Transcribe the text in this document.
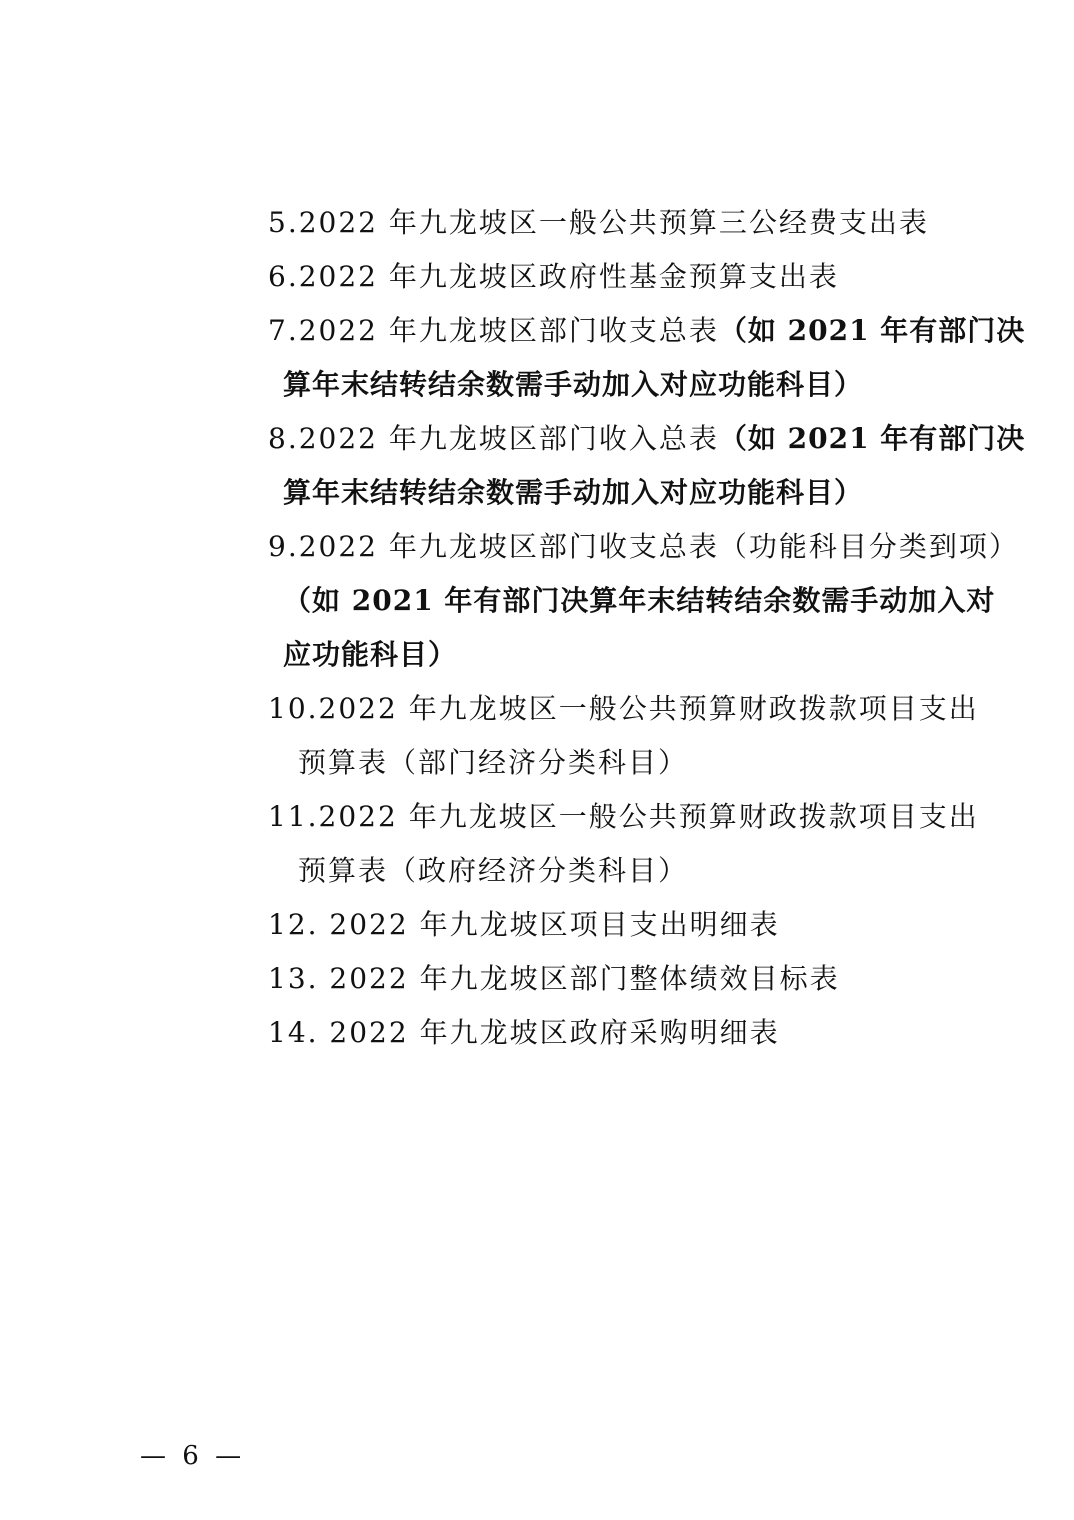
5.2022 年九龙坡区一般公共预算三公经费支出表
6.2022 年九龙坡区政府性基金预算支出表
7.2022 年九龙坡区部门收支总表（如 2021 年有部门决
算年末结转结余数需手动加入对应功能科目）
8.2022 年九龙坡区部门收入总表（如 2021 年有部门决
算年末结转结余数需手动加入对应功能科目）
9.2022 年九龙坡区部门收支总表（功能科目分类到项）
（如 2021 年有部门决算年末结转结余数需手动加入对
应功能科目）
10.2022 年九龙坡区一般公共预算财政拨款项目支出
预算表（部门经济分类科目）
11.2022 年九龙坡区一般公共预算财政拨款项目支出
预算表（政府经济分类科目）
12. 2022 年九龙坡区项目支出明细表
13. 2022 年九龙坡区部门整体绩效目标表
14. 2022 年九龙坡区政府采购明细表
— 6 —
